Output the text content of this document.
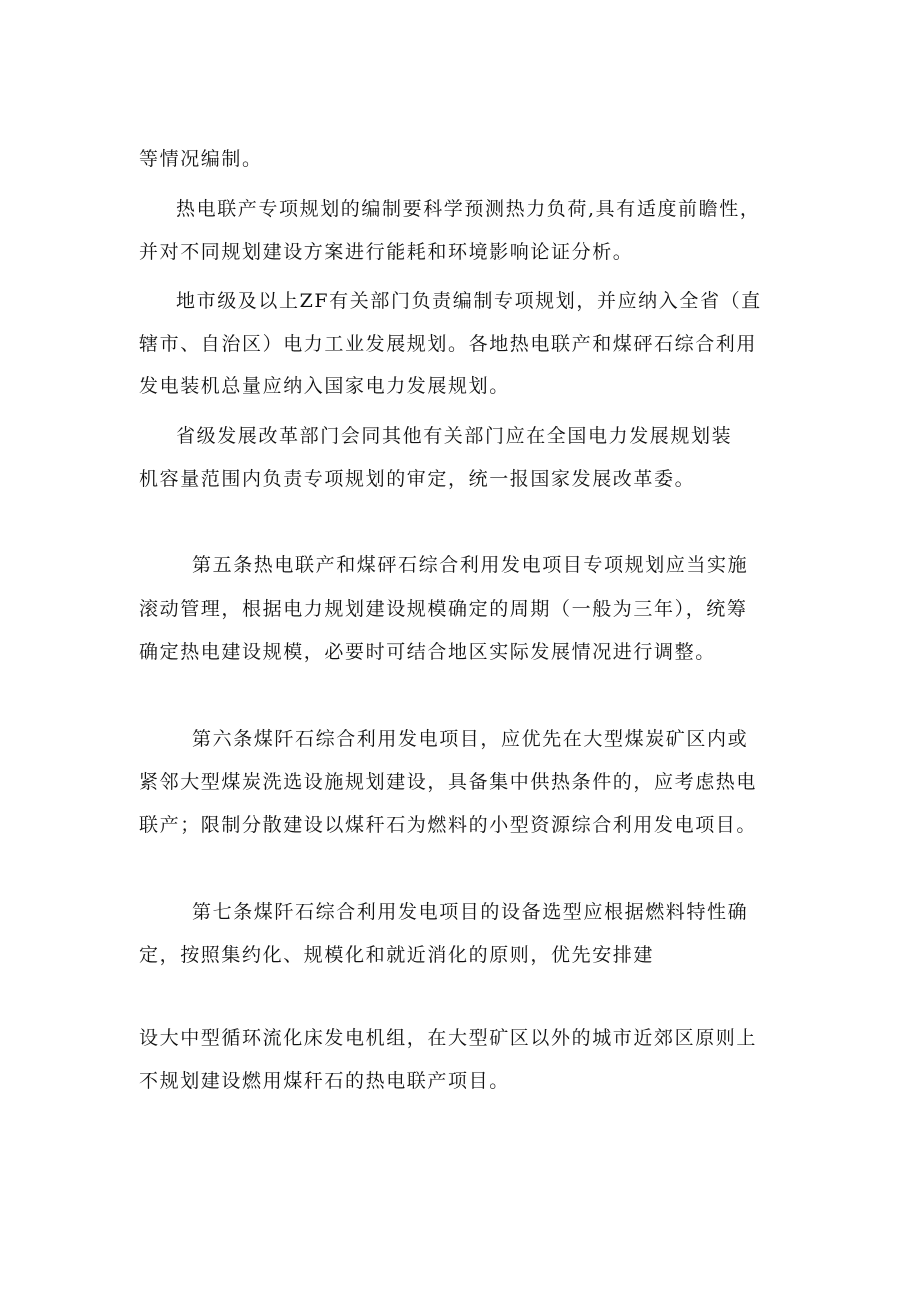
等情况编制。

热电联产专项规划的编制要科学预测热力负荷,具有适度前瞻性，

并对不同规划建设方案进行能耗和环境影响论证分析。

地市级及以上ZF有关部门负责编制专项规划，并应纳入全省（直

辖市、自治区）电力工业发展规划。各地热电联产和煤砰石综合利用

发电装机总量应纳入国家电力发展规划。

省级发展改革部门会同其他有关部门应在全国电力发展规划装

机容量范围内负责专项规划的审定，统一报国家发展改革委。

第五条热电联产和煤砰石综合利用发电项目专项规划应当实施

滚动管理，根据电力规划建设规模确定的周期（一般为三年），统筹

确定热电建设规模，必要时可结合地区实际发展情况进行调整。

第六条煤阡石综合利用发电项目，应优先在大型煤炭矿区内或

紧邻大型煤炭洗选设施规划建设，具备集中供热条件的，应考虑热电

联产；限制分散建设以煤秆石为燃料的小型资源综合利用发电项目。

第七条煤阡石综合利用发电项目的设备选型应根据燃料特性确

定，按照集约化、规模化和就近消化的原则，优先安排建

设大中型循环流化床发电机组，在大型矿区以外的城市近郊区原则上

不规划建设燃用煤秆石的热电联产项目。
